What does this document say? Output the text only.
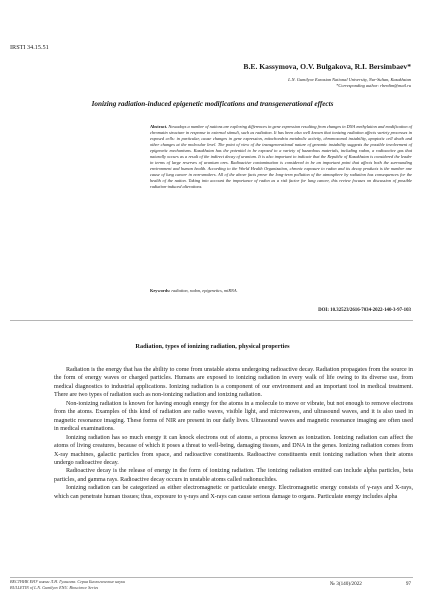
IRSTI 34.15.51
B.E. Kassymova, O.V. Bulgakova, R.I. Bersimbaev*
L.N. Gumilyov Eurasian National University, Nur-Sultan, Kazakhstan
*Corresponding author: rberdim@mail.ru
Ionizing radiation-induced epigenetic modifications and transgenerational effects
Abstract. Nowadays a number of nations are exploring differences in gene expression resulting from changes in DNA methylation and modification of chromatin structure in response to external stimuli, such as radiation. It has been also well known that ionizing radiation affects variety processes in exposed cells: in particular, cause changes in gene expression, mitochondria metabolic activity, chromosomal instability, apoptotic cell death and other changes at the molecular level. The point of view of the transgenerational nature of genomic instability suggests the possible involvement of epigenetic mechanisms. Kazakhstan has the potential to be exposed to a variety of hazardous materials, including radon, a radioactive gas that naturally occurs as a result of the indirect decay of uranium. It is also important to indicate that the Republic of Kazakhstan is considered the leader in terms of large reserves of uranium ores. Radioactive contamination is considered to be an important point that affects both the surrounding environment and human health. According to the World Health Organization, chronic exposure to radon and its decay products is the number one cause of lung cancer in non-smokers. All of the above facts prove the long-term pollution of the atmosphere by radiation has consequences for the health of the nation. Taking into account the importance of radon as a risk factor for lung cancer, this review focuses on discussion of possible radiation-induced alterations.
Keywords: radiation, radon, epigenetics, miRNA.
DOI: 10.32523/2616-7034-2022-140-3-97-103
Radiation, types of ionizing radiation, physical properties

Radiation is the energy that has the ability to come from unstable atoms undergoing radioactive decay. Radiation propagates from the source in the form of energy waves or charged particles. Humans are exposed to ionizing radiation in every walk of life owing to its diverse use, from medical diagnostics to industrial applications. Ionizing radiation is a component of our environment and an important tool in medical treatment. There are two types of radiation such as non-ionizing radiation and ionizing radiation.

Non-ionizing radiation is known for having enough energy for the atoms in a molecule to move or vibrate, but not enough to remove electrons from the atoms. Examples of this kind of radiation are radio waves, visible light, and microwaves, and ultrasound waves, and it is also used in magnetic resonance imaging. These forms of NIR are present in our daily lives. Ultrasound waves and magnetic resonance imaging are often used in medical examinations.

Ionizing radiation has so much energy it can knock electrons out of atoms, a process known as ionization. Ionizing radiation can affect the atoms of living creatures, because of which it poses a threat to well-being, damaging tissues, and DNA in the genes. Ionizing radiation comes from X-ray machines, galactic particles from space, and radioactive constituents. Radioactive constituents emit ionizing radiation when their atoms undergo radioactive decay.

Radioactive decay is the release of energy in the form of ionizing radiation. The ionizing radiation emitted can include alpha particles, beta particles, and gamma rays. Radioactive decay occurs in unstable atoms called radionuclides.

Ionizing radiation can be categorized as either electromagnetic or particulate energy. Electromagnetic energy consists of γ-rays and X-rays, which can penetrate human tissues; thus, exposure to γ-rays and X-rays can cause serious damage to organs. Particulate energy includes alpha

ВЕСТНИК ЕНУ имени Л.Н. Гумилева. Серия Биологические науки
BULLETIN of L.N. Gumilyov ENU. Bioscience Series
№ 3(140)/2022	97
